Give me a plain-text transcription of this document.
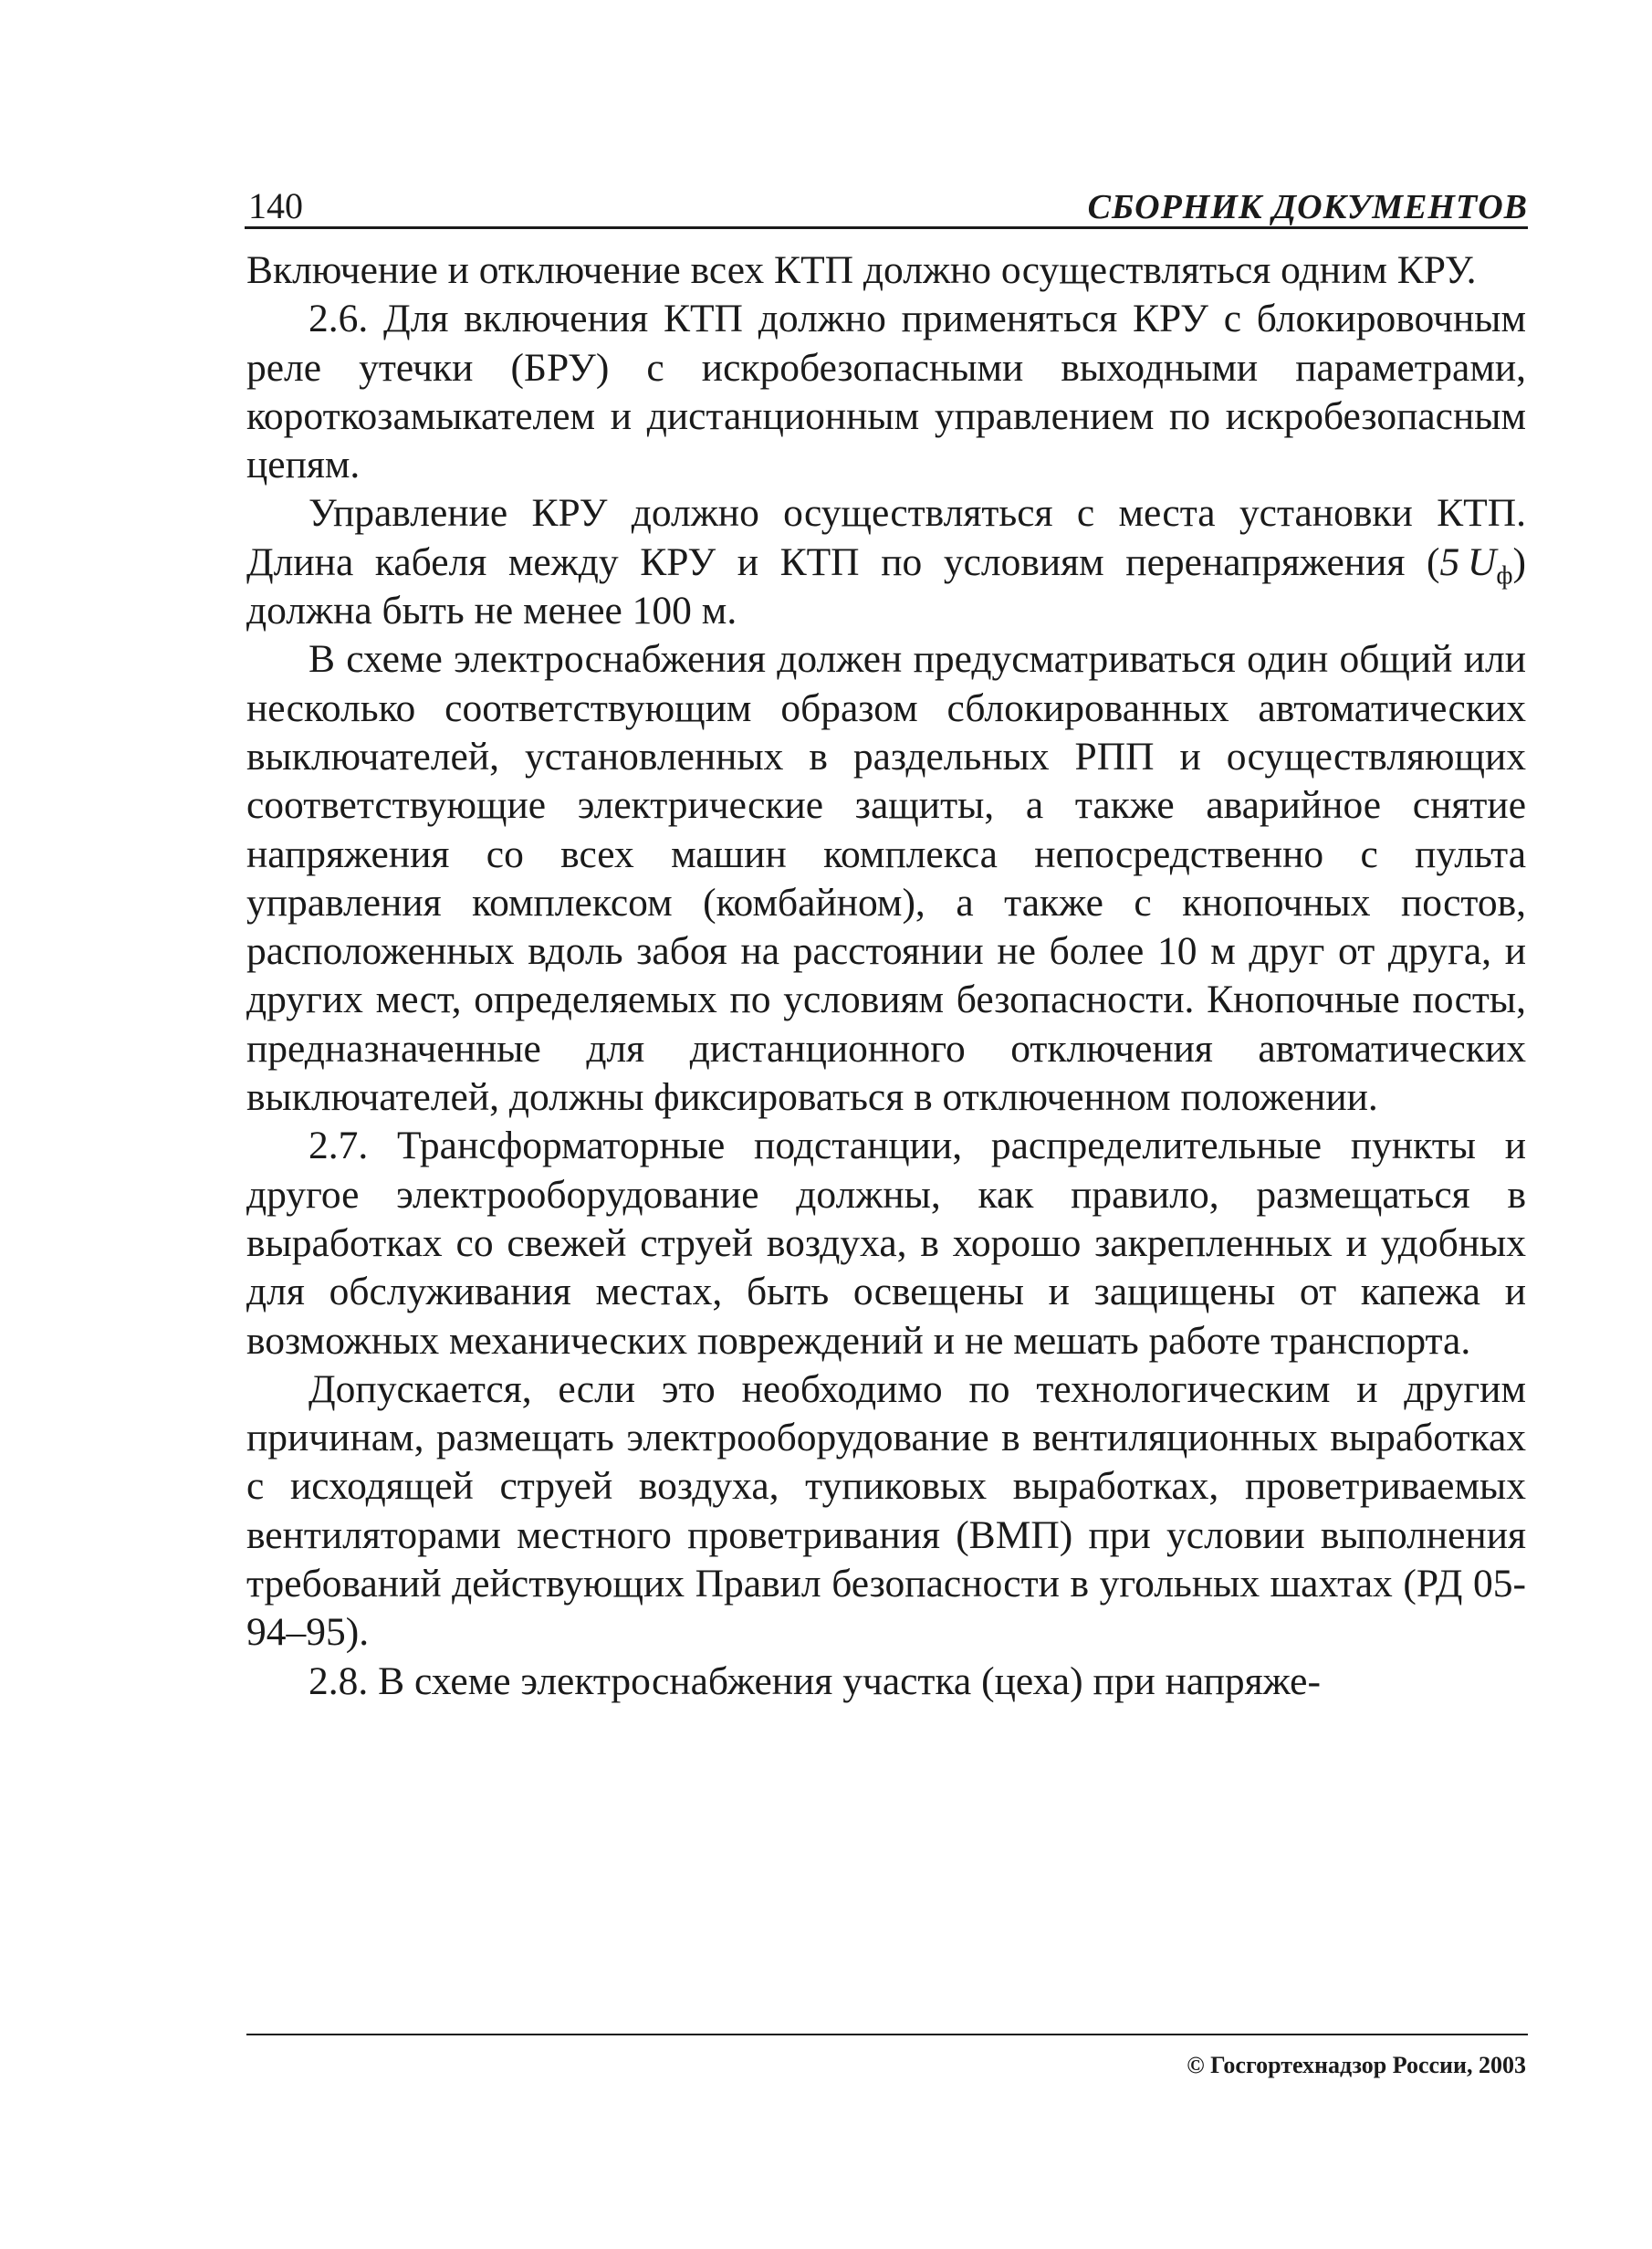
140	СБОРНИК ДОКУМЕНТОВ

Включение и отключение всех КТП должно осуществляться одним КРУ.

2.6. Для включения КТП должно применяться КРУ с блокировочным реле утечки (БРУ) с искробезопасными выходными параметрами, короткозамыкателем и дистанционным управлением по искробезопасным цепям.

Управление КРУ должно осуществляться с места установки КТП. Длина кабеля между КРУ и КТП по условиям перенапряжения (5  $U_ф$) должна быть не менее 100 м.

В схеме электроснабжения должен предусматриваться один общий или несколько соответствующим образом сблокированных автоматических выключателей, установленных в раздельных РПП и осуществляющих соответствующие электрические защиты, а также аварийное снятие напряжения со всех машин комплекса непосредственно с пульта управления комплексом (комбайном), а также с кнопочных постов, расположенных вдоль забоя на расстоянии не более 10 м друг от друга, и других мест, определяемых по условиям безопасности. Кнопочные посты, предназначенные для дистанционного отключения автоматических выключателей, должны фиксироваться в отключенном положении.

2.7. Трансформаторные подстанции, распределительные пункты и другое электрооборудование должны, как правило, размещаться в выработках со свежей струей воздуха, в хорошо закрепленных и удобных для обслуживания местах, быть освещены и защищены от капежа и возможных механических повреждений и не мешать работе транспорта.

Допускается, если это необходимо по технологическим и другим причинам, размещать электрооборудование в вентиляционных выработках с исходящей струей воздуха, тупиковых выработках, проветриваемых вентиляторами местного проветривания (ВМП) при условии выполнения требований действующих Правил безопасности в угольных шахтах (РД 05-94–95).

2.8. В схеме электроснабжения участка (цеха) при напряже-

© Госгортехнадзор России, 2003
